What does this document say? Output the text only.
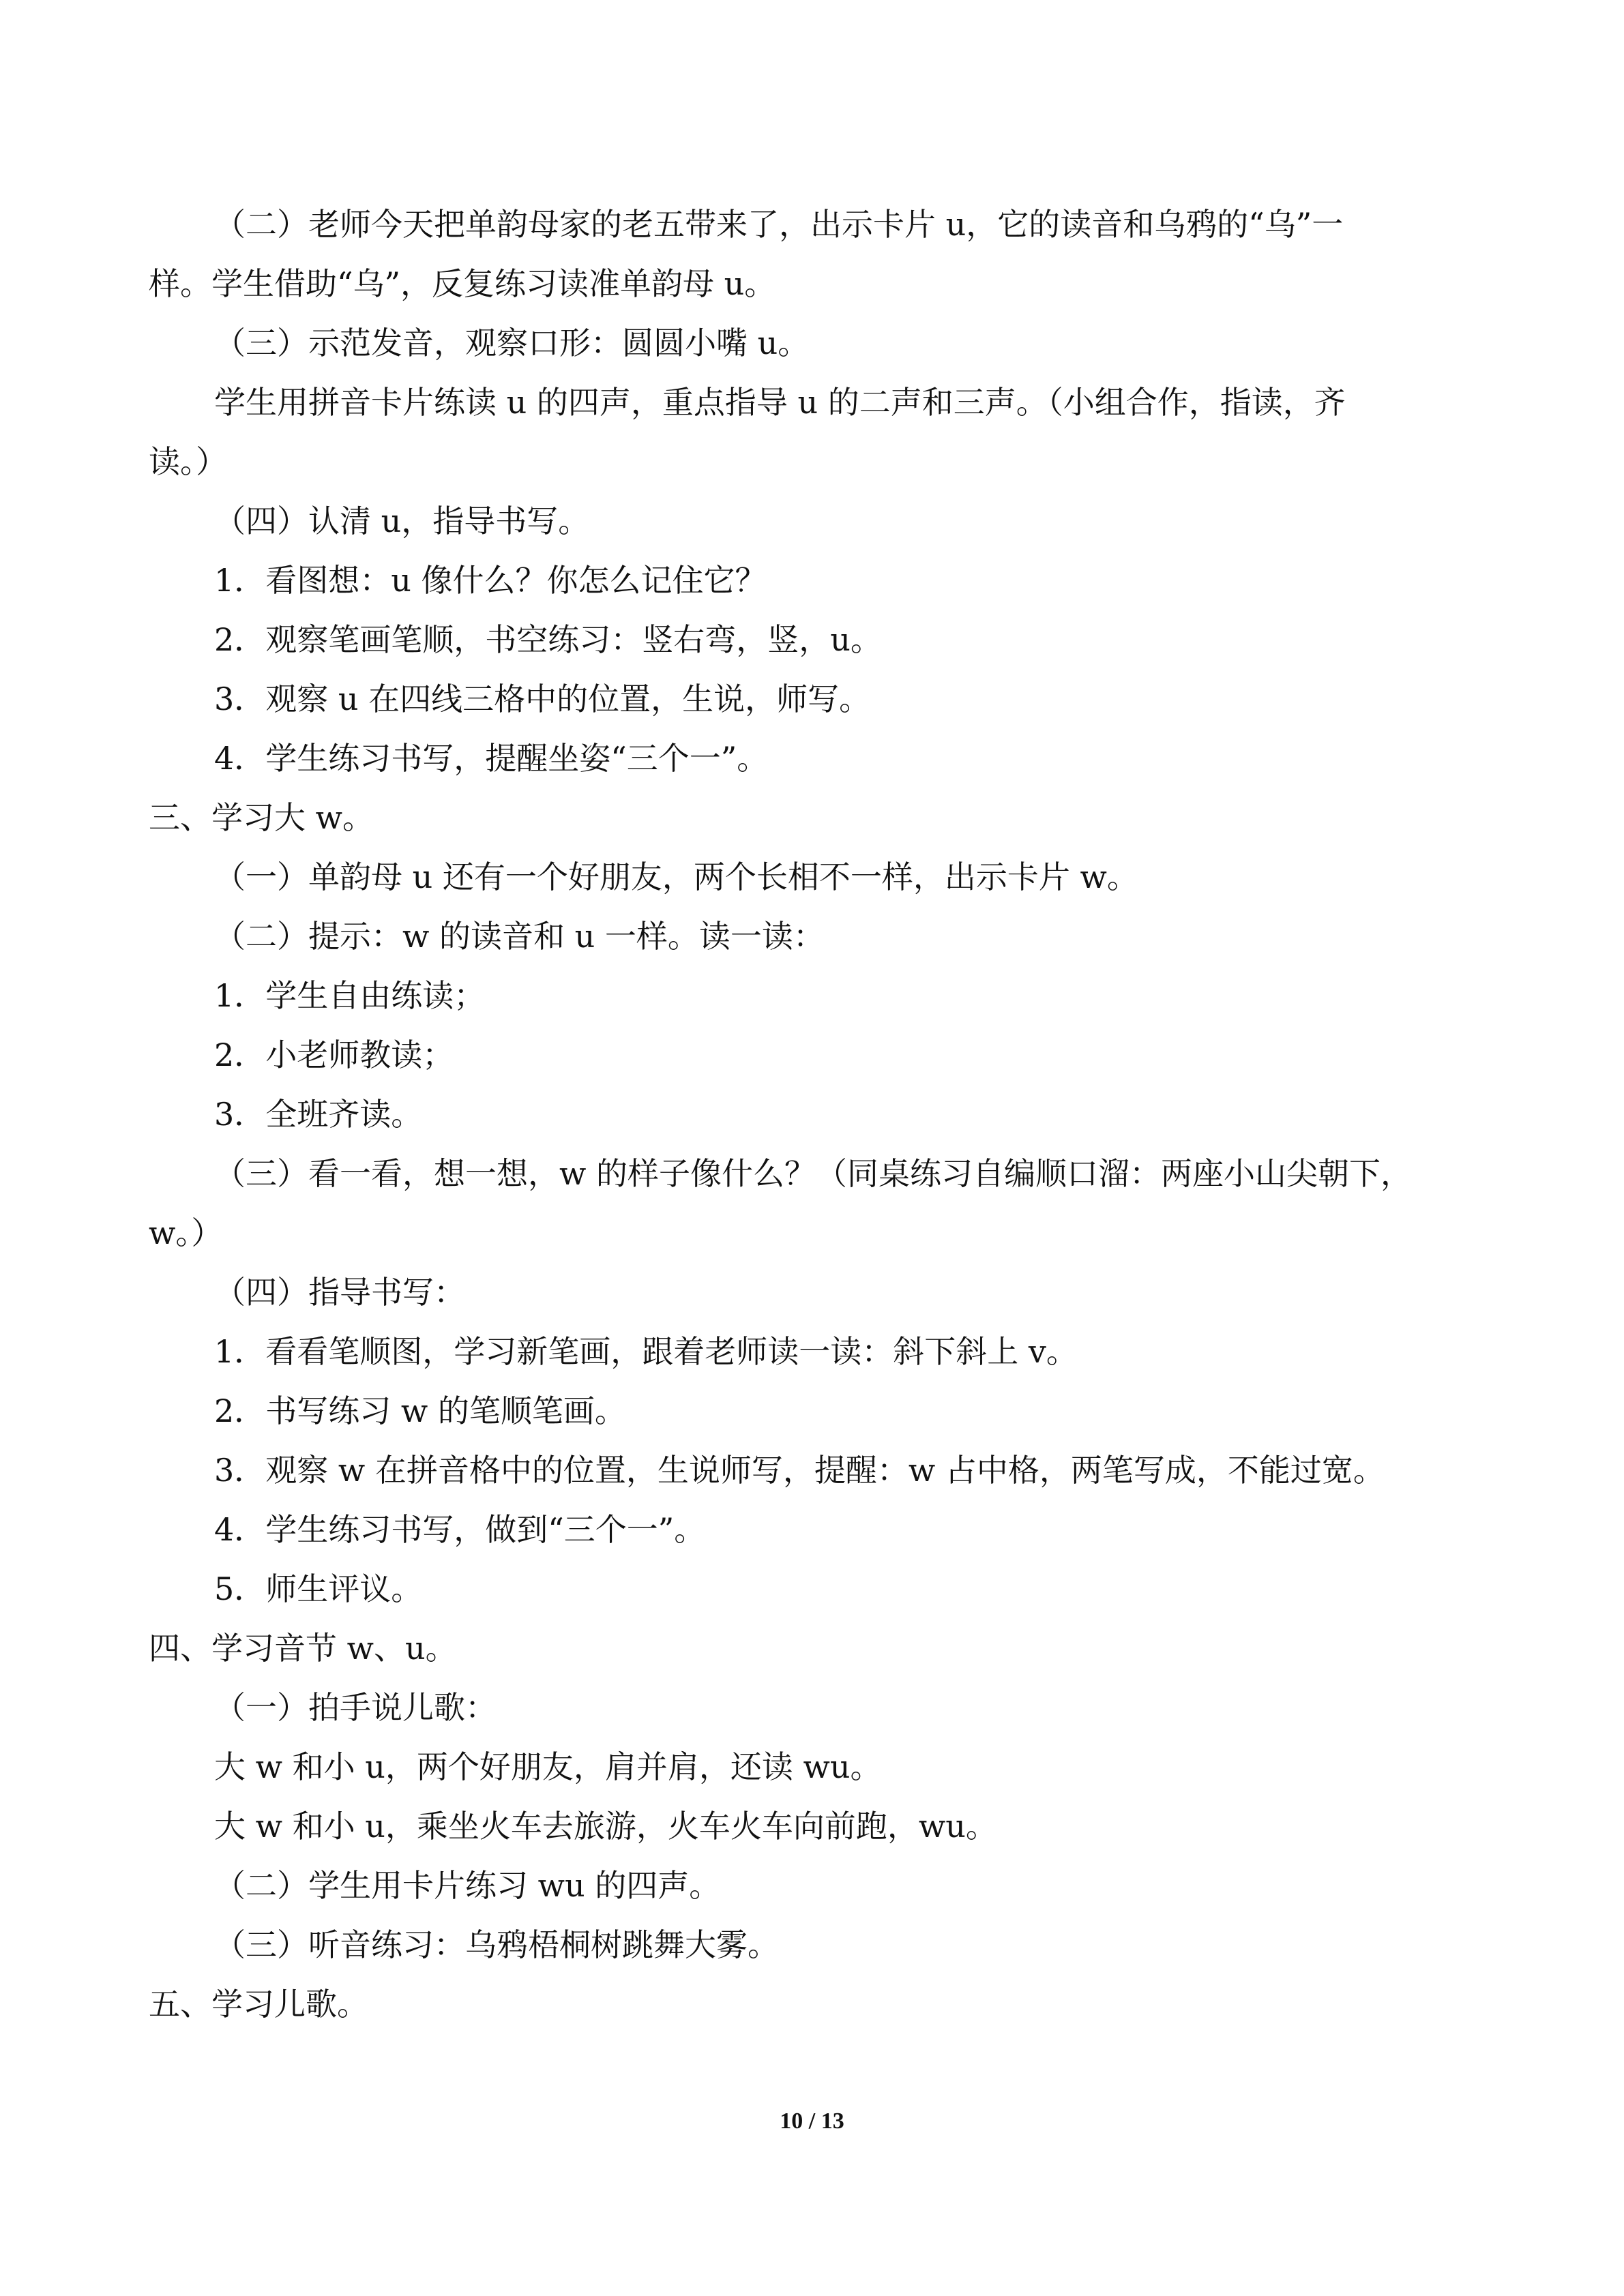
（二）老师今天把单韵母家的老五带来了，出示卡片 u，它的读音和乌鸦的“乌”一
样。学生借助“乌”，反复练习读准单韵母 u。
（三）示范发音，观察口形：圆圆小嘴 u。
学生用拼音卡片练读 u 的四声，重点指导 u 的二声和三声。（小组合作，指读，齐
读。）
（四）认清 u，指导书写。
1．看图想：u 像什么？你怎么记住它？
2．观察笔画笔顺，书空练习：竖右弯，竖，u。
3．观察 u 在四线三格中的位置，生说，师写。
4．学生练习书写，提醒坐姿“三个一”。
三、学习大 w。
（一）单韵母 u 还有一个好朋友，两个长相不一样，出示卡片 w。
（二）提示：w 的读音和 u 一样。读一读：
1．学生自由练读；
2．小老师教读；
3．全班齐读。
（三）看一看，想一想，w 的样子像什么？（同桌练习自编顺口溜：两座小山尖朝下，
w。）
（四）指导书写：
1．看看笔顺图，学习新笔画，跟着老师读一读：斜下斜上 v。
2．书写练习 w 的笔顺笔画。
3．观察 w 在拼音格中的位置，生说师写，提醒：w 占中格，两笔写成，不能过宽。
4．学生练习书写，做到“三个一”。
5．师生评议。
四、学习音节 w、u。
（一）拍手说儿歌：
大 w 和小 u，两个好朋友，肩并肩，还读 wu。
大 w 和小 u，乘坐火车去旅游，火车火车向前跑，wu。
（二）学生用卡片练习 wu 的四声。
（三）听音练习：乌鸦梧桐树跳舞大雾。
五、学习儿歌。
10 / 13
